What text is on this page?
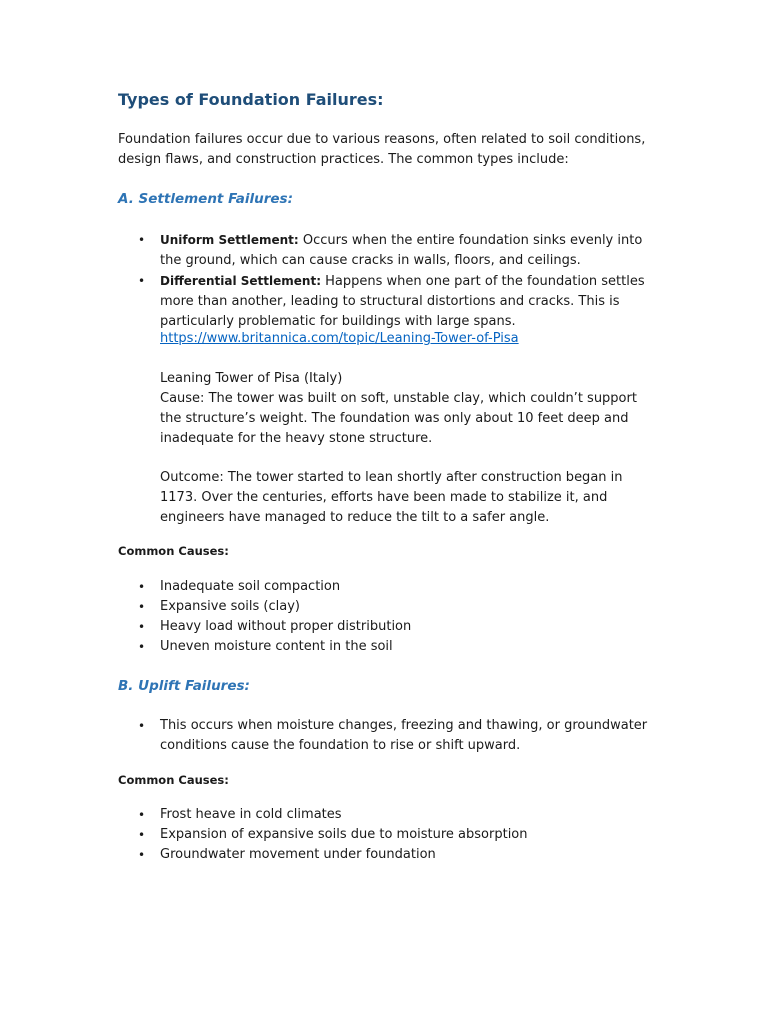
Types of Foundation Failures:

Foundation failures occur due to various reasons, often related to soil conditions, design flaws, and construction practices. The common types include:

A. Settlement Failures:
• Uniform Settlement: Occurs when the entire foundation sinks evenly into the ground, which can cause cracks in walls, floors, and ceilings.
• Differential Settlement: Happens when one part of the foundation settles more than another, leading to structural distortions and cracks. This is particularly problematic for buildings with large spans.
https://www.britannica.com/topic/Leaning-Tower-of-Pisa

Leaning Tower of Pisa (Italy)

Cause: The tower was built on soft, unstable clay, which couldn’t support the structure’s weight. The foundation was only about 10 feet deep and inadequate for the heavy stone structure.

Outcome: The tower started to lean shortly after construction began in 1173. Over the centuries, efforts have been made to stabilize it, and engineers have managed to reduce the tilt to a safer angle.

Common Causes:
• Inadequate soil compaction
• Expansive soils (clay)
• Heavy load without proper distribution
• Uneven moisture content in the soil
B. Uplift Failures:
• This occurs when moisture changes, freezing and thawing, or groundwater conditions cause the foundation to rise or shift upward.
Common Causes:
• Frost heave in cold climates
• Expansion of expansive soils due to moisture absorption
• Groundwater movement under foundation
